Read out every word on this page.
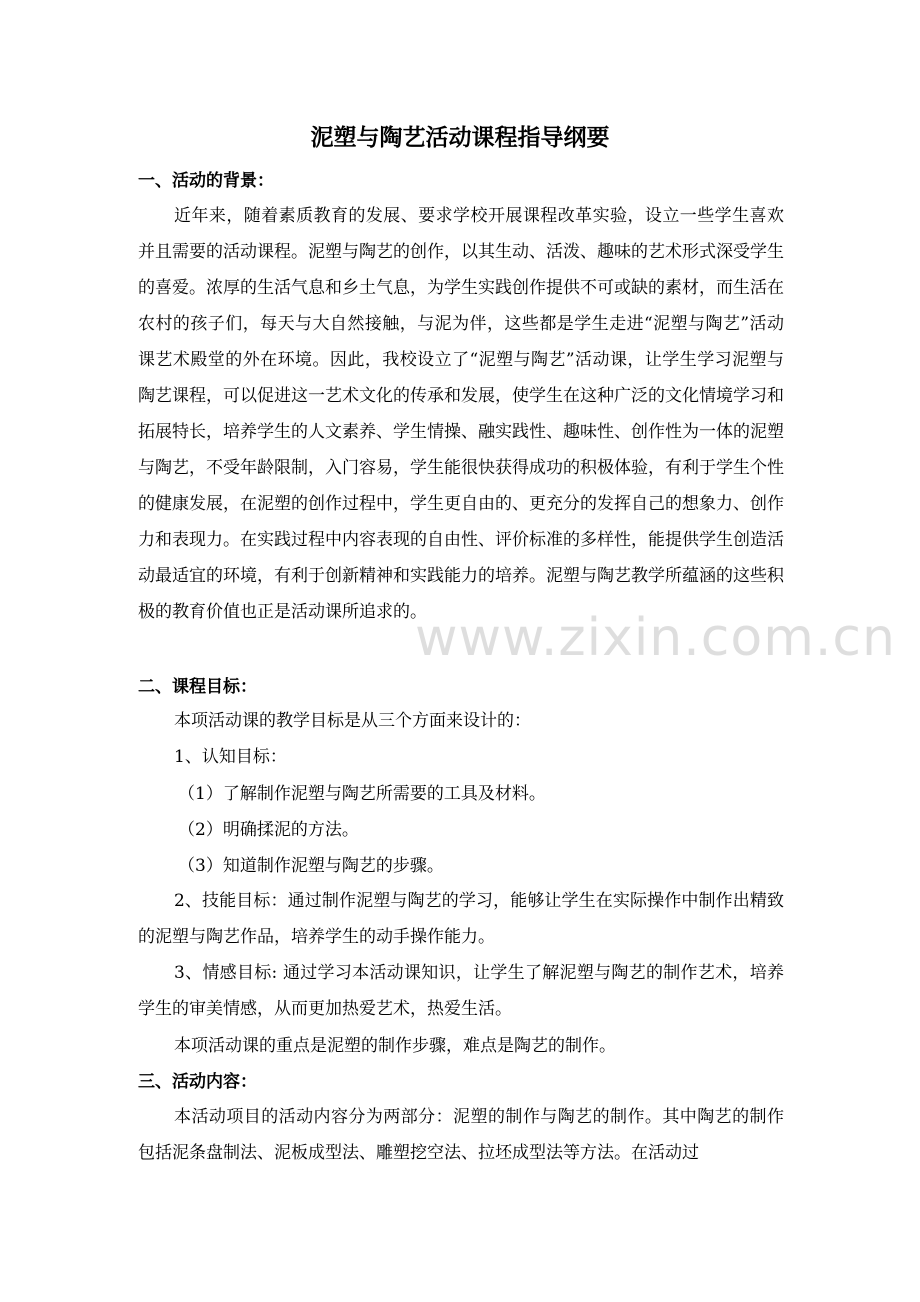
www.zixin.com.cn
泥塑与陶艺活动课程指导纲要
一、活动的背景：
近年来，随着素质教育的发展、要求学校开展课程改革实验，设立一些学生喜欢并且需要的活动课程。泥塑与陶艺的创作，以其生动、活泼、趣味的艺术形式深受学生的喜爱。浓厚的生活气息和乡土气息，为学生实践创作提供不可或缺的素材，而生活在农村的孩子们，每天与大自然接触，与泥为伴，这些都是学生走进“泥塑与陶艺”活动课艺术殿堂的外在环境。因此，我校设立了“泥塑与陶艺”活动课，让学生学习泥塑与陶艺课程，可以促进这一艺术文化的传承和发展，使学生在这种广泛的文化情境学习和拓展特长，培养学生的人文素养、学生情操、融实践性、趣味性、创作性为一体的泥塑与陶艺，不受年龄限制，入门容易，学生能很快获得成功的积极体验，有利于学生个性的健康发展，在泥塑的创作过程中，学生更自由的、更充分的发挥自己的想象力、创作力和表现力。在实践过程中内容表现的自由性、评价标准的多样性，能提供学生创造活动最适宜的环境，有利于创新精神和实践能力的培养。泥塑与陶艺教学所蕴涵的这些积极的教育价值也正是活动课所追求的。
二、课程目标：
本项活动课的教学目标是从三个方面来设计的：
1、认知目标：
（1）了解制作泥塑与陶艺所需要的工具及材料。
（2）明确揉泥的方法。
（3）知道制作泥塑与陶艺的步骤。
2、技能目标：通过制作泥塑与陶艺的学习，能够让学生在实际操作中制作出精致的泥塑与陶艺作品，培养学生的动手操作能力。
3、情感目标: 通过学习本活动课知识，让学生了解泥塑与陶艺的制作艺术，培养学生的审美情感，从而更加热爱艺术，热爱生活。
本项活动课的重点是泥塑的制作步骤，难点是陶艺的制作。
三、活动内容：
本活动项目的活动内容分为两部分：泥塑的制作与陶艺的制作。其中陶艺的制作包括泥条盘制法、泥板成型法、雕塑挖空法、拉坯成型法等方法。在活动过
